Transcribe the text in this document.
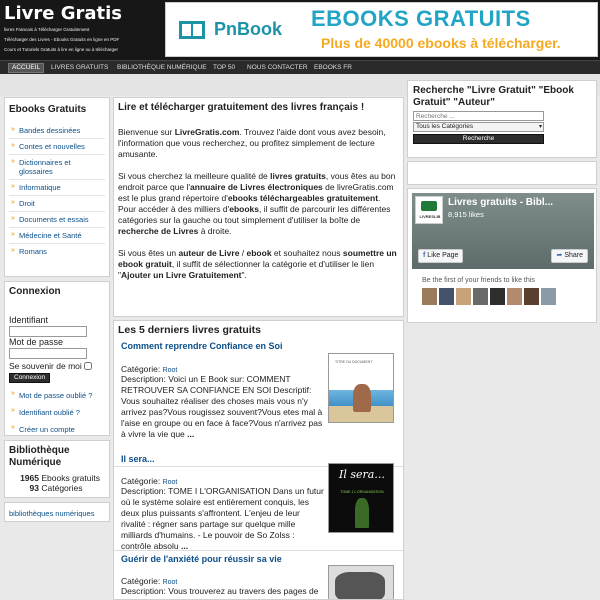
Livre Gratis
livres Francais à Télécharger Gratuitement
Télécharger des Livres - Ebooks Gratuits en ligne en PDF
Cours et Tutoriels Gratuits à lire en ligne ou à télécharger
PnBook EBOOKS GRATUITS
Plus de 40000 ebooks à télécharger.
ACCUEIL	LIVRES GRATUITS	BIBLIOTHÈQUE NUMÉRIQUE TOP 50	NOUS CONTACTER EBOOKS FR
Ebooks Gratuits
» Bandes dessinées
» Contes et nouvelles
» Dictionnaires et glossaires
» Informatique
» Droit
» Documents et essais
» Médecine et Santé
» Romans
Connexion
Identifiant
Mot de passe
Se souvenir de moi
Connexion
» Mot de passe oublié ?
» Identifiant oublié ?
» Créer un compte
Bibliothèque Numérique
1965 Ebooks gratuits
93 Catégories
bibliothèques numériques
Lire et télécharger gratuitement des livres français !

Bienvenue sur LivreGratis.com. Trouvez l'aide dont vous avez besoin, l'information que vous recherchez, ou profitez simplement de lecture amusante.

Si vous cherchez la meilleure qualité de livres gratuits, vous êtes au bon endroit parce que l'annuaire de Livres électroniques de livreGratis.com est le plus grand répertoire d'ebooks téléchargeables gratuitement. Pour accéder à des milliers d'ebooks, il suffit de parcourir les différentes catégories sur la gauche ou tout simplement d'utiliser la boîte de recherche de Livres à droite.

Si vous êtes un auteur de Livre / ebook et souhaitez nous soumettre un ebook gratuit, il suffit de sélectionner la catégorie et d'utiliser le lien "Ajouter un Livre Gratuitement".

Les 5 derniers livres gratuits
Comment reprendre Confiance en Soi
TITRE DU DOCUMENT
Catégorie: Root
Description: Voici un E Book sur: COMMENT RETROUVER SA CONFIANCE EN SOI Descriptif: Vous souhaitez réaliser des choses mais vous n'y arrivez pas?Vous rougissez souvent?Vous etes mal à l'aise en groupe ou en face à face?Vous n'arrivez pas à vivre la vie que ...
Il sera...
Il sera...
TOME 1 L'ORGANISATION
Catégorie: Root
Description: TOME I L'ORGANISATION Dans un futur où le système solaire est entièrement conquis, les deux plus puissants s'affrontent. L'enjeu de leur rivalité : régner sans partage sur quelque mille milliards d'humains. - Le pouvoir de So Zolss : contrôle absolu ...
Guérir de l'anxiété pour réussir sa vie
Catégorie: Root
Description: Vous trouverez au travers des pages de
Recherche "Livre Gratuit" "Ebook Gratuit" "Auteur"
Recherche ...
Tous les Catégories	▾
Recherche
LIVRESLIB
Livres gratuits - Bibl...
8,915 likes
f Like Page	➦ Share
Be the first of your friends to like this
